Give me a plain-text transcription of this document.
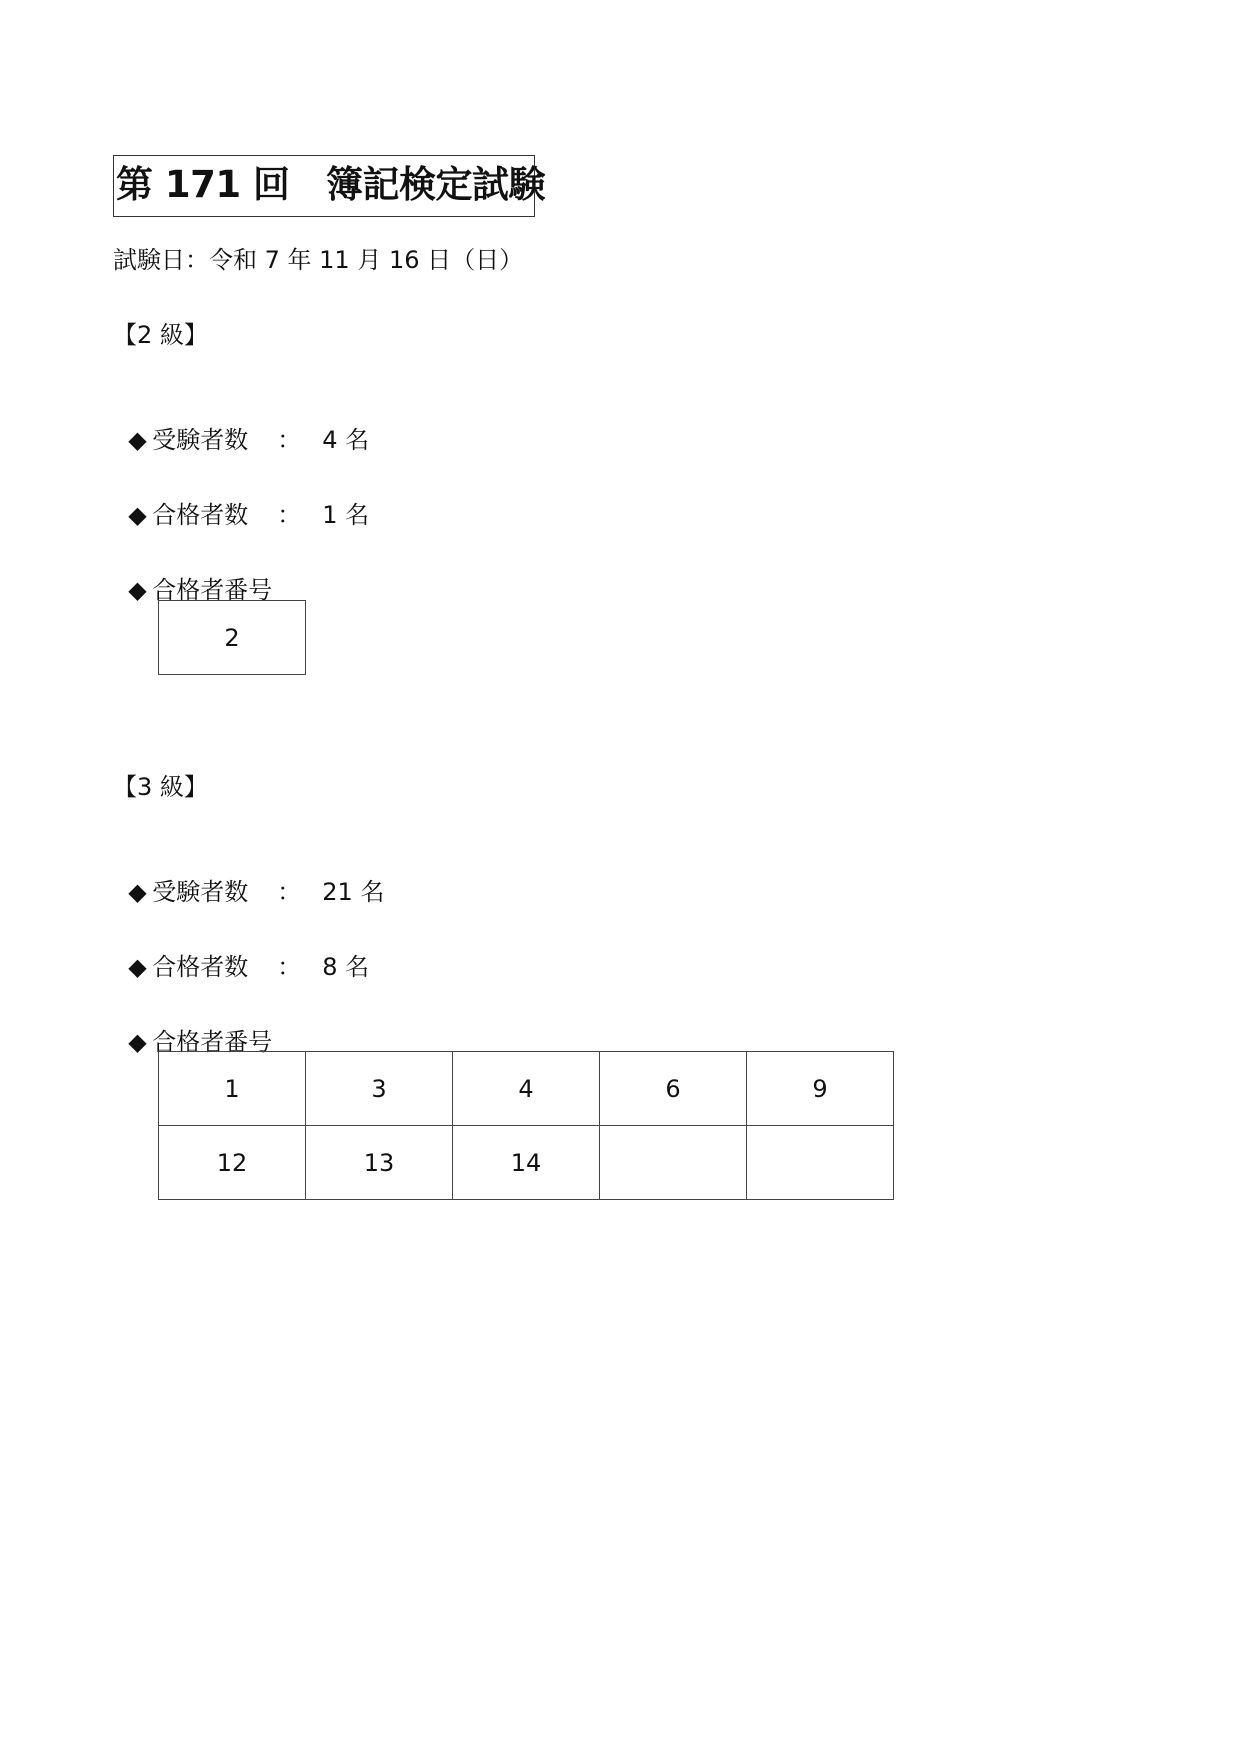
第 171 回　簿記検定試験
試験日：令和 7 年 11 月 16 日（日）
【2 級】

◆ 受験者数 ： 4 名

◆ 合格者数 ： 1 名

◆ 合格者番号

2
【3 級】

◆ 受験者数 ： 21 名

◆ 合格者数 ： 8 名

◆ 合格者番号

1	3	4	6	9
12	13	14		
